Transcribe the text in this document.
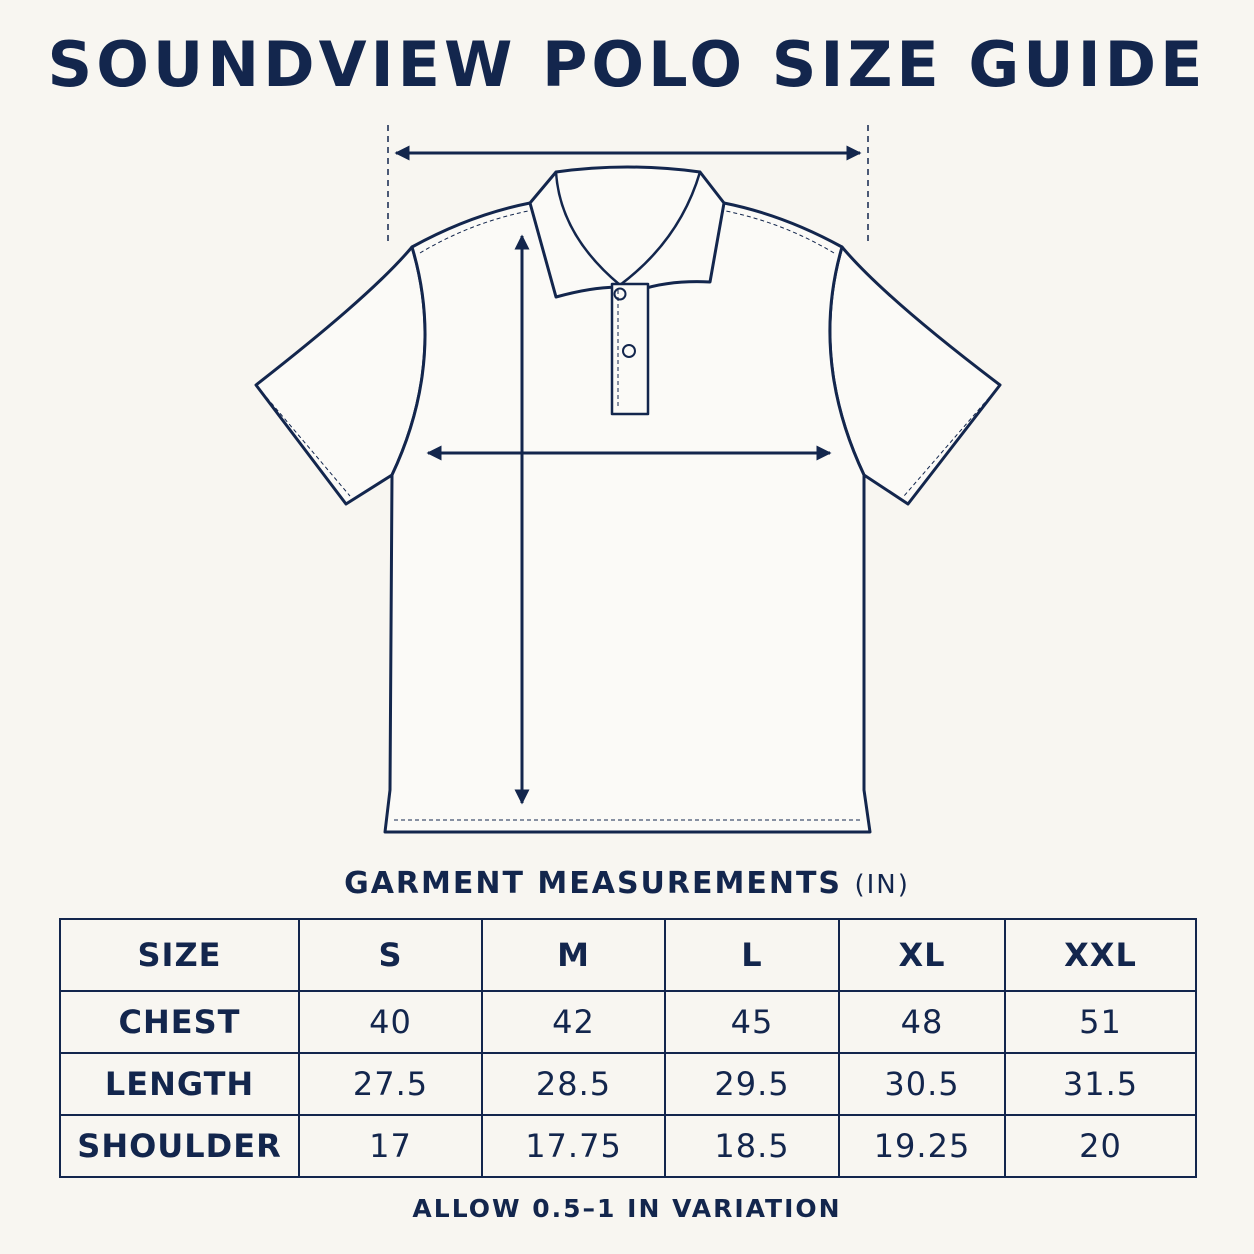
SOUNDVIEW POLO SIZE GUIDE
GARMENT MEASUREMENTS (IN)
SIZE	S	M	L	XL	XXL
CHEST	40	42	45	48	51
LENGTH	27.5	28.5	29.5	30.5	31.5
SHOULDER	17	17.75	18.5	19.25	20
ALLOW 0.5–1 IN VARIATION
